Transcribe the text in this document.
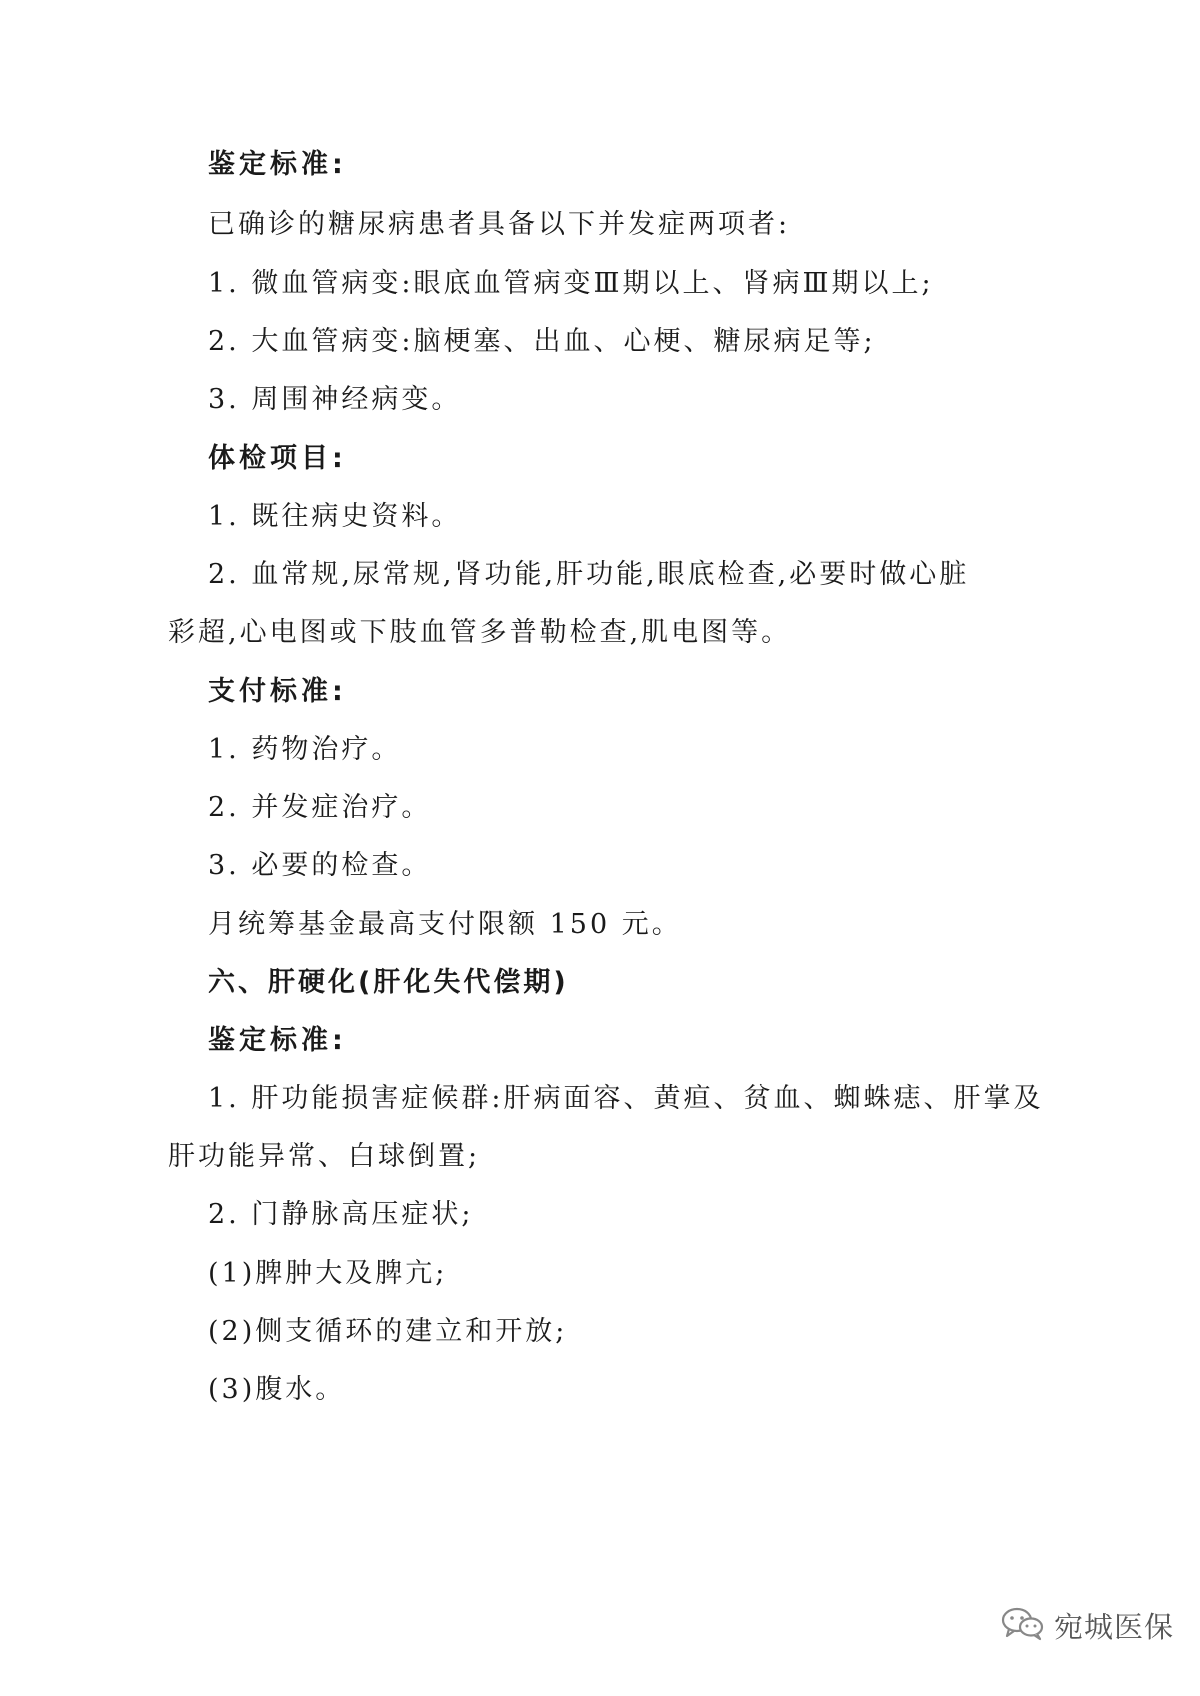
鉴定标准:
已确诊的糖尿病患者具备以下并发症两项者:
1. 微血管病变:眼底血管病变Ⅲ期以上、肾病Ⅲ期以上;
2. 大血管病变:脑梗塞、出血、心梗、糖尿病足等;
3. 周围神经病变。
体检项目:
1. 既往病史资料。
2. 血常规,尿常规,肾功能,肝功能,眼底检查,必要时做心脏
彩超,心电图或下肢血管多普勒检查,肌电图等。
支付标准:
1. 药物治疗。
2. 并发症治疗。
3. 必要的检查。
月统筹基金最高支付限额 150 元。
六、肝硬化(肝化失代偿期)
鉴定标准:
1. 肝功能损害症候群:肝病面容、黄疸、贫血、蜘蛛痣、肝掌及
肝功能异常、白球倒置;
2. 门静脉高压症状;
(1)脾肿大及脾亢;
(2)侧支循环的建立和开放;
(3)腹水。
宛城医保
